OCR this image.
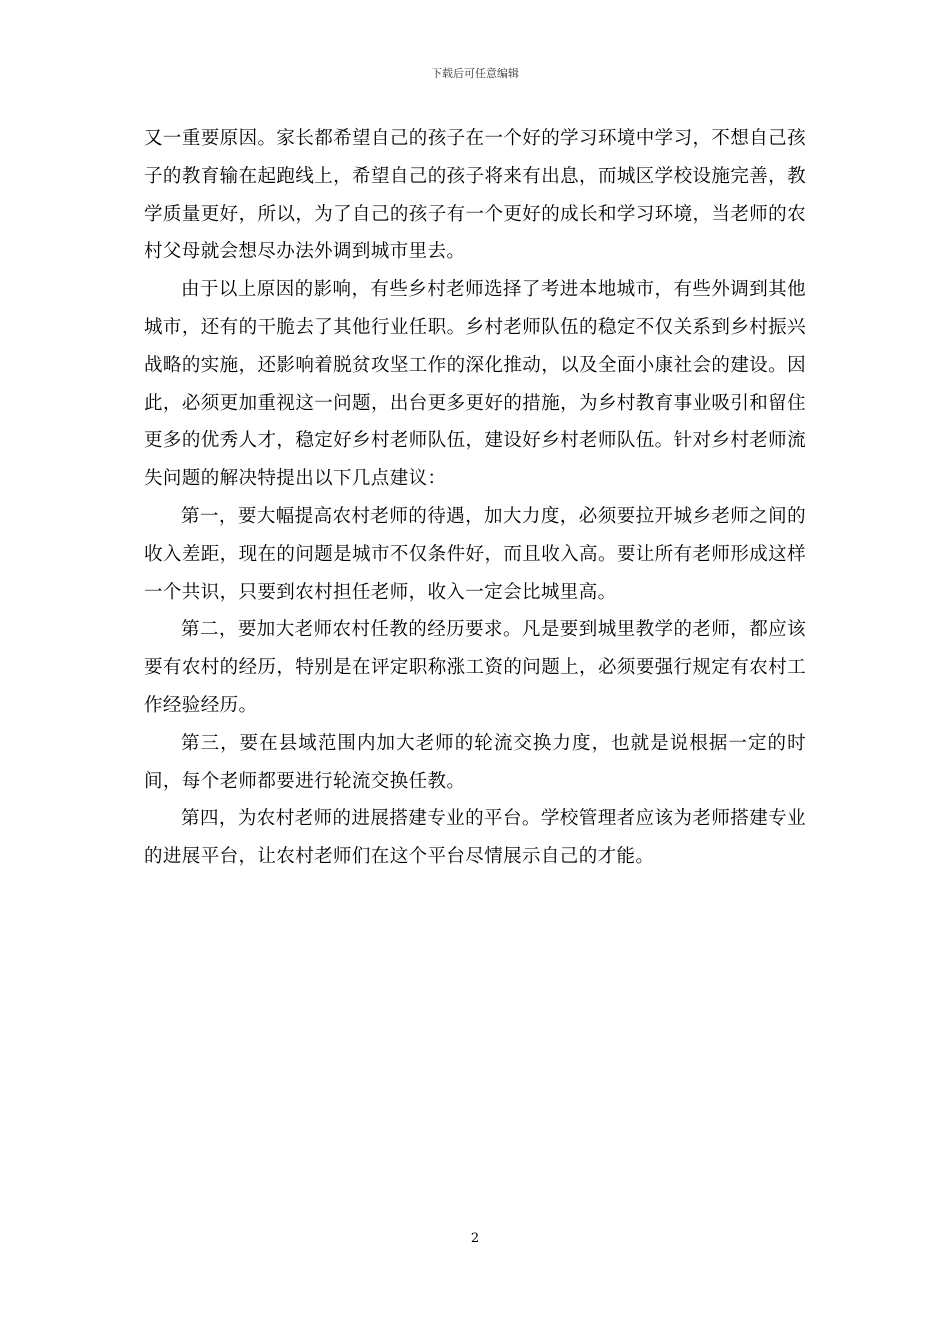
下载后可任意编辑

又一重要原因。家长都希望自己的孩子在一个好的学习环境中学习，不想自己孩子的教育输在起跑线上，希望自己的孩子将来有出息，而城区学校设施完善，教学质量更好，所以，为了自己的孩子有一个更好的成长和学习环境，当老师的农村父母就会想尽办法外调到城市里去。

由于以上原因的影响，有些乡村老师选择了考进本地城市，有些外调到其他城市，还有的干脆去了其他行业任职。乡村老师队伍的稳定不仅关系到乡村振兴战略的实施，还影响着脱贫攻坚工作的深化推动，以及全面小康社会的建设。因此，必须更加重视这一问题，出台更多更好的措施，为乡村教育事业吸引和留住更多的优秀人才，稳定好乡村老师队伍，建设好乡村老师队伍。针对乡村老师流失问题的解决特提出以下几点建议：

第一，要大幅提高农村老师的待遇，加大力度，必须要拉开城乡老师之间的收入差距，现在的问题是城市不仅条件好，而且收入高。要让所有老师形成这样一个共识，只要到农村担任老师，收入一定会比城里高。

第二，要加大老师农村任教的经历要求。凡是要到城里教学的老师，都应该要有农村的经历，特别是在评定职称涨工资的问题上，必须要强行规定有农村工作经验经历。

第三，要在县域范围内加大老师的轮流交换力度，也就是说根据一定的时间，每个老师都要进行轮流交换任教。

第四，为农村老师的进展搭建专业的平台。学校管理者应该为老师搭建专业的进展平台，让农村老师们在这个平台尽情展示自己的才能。

2
